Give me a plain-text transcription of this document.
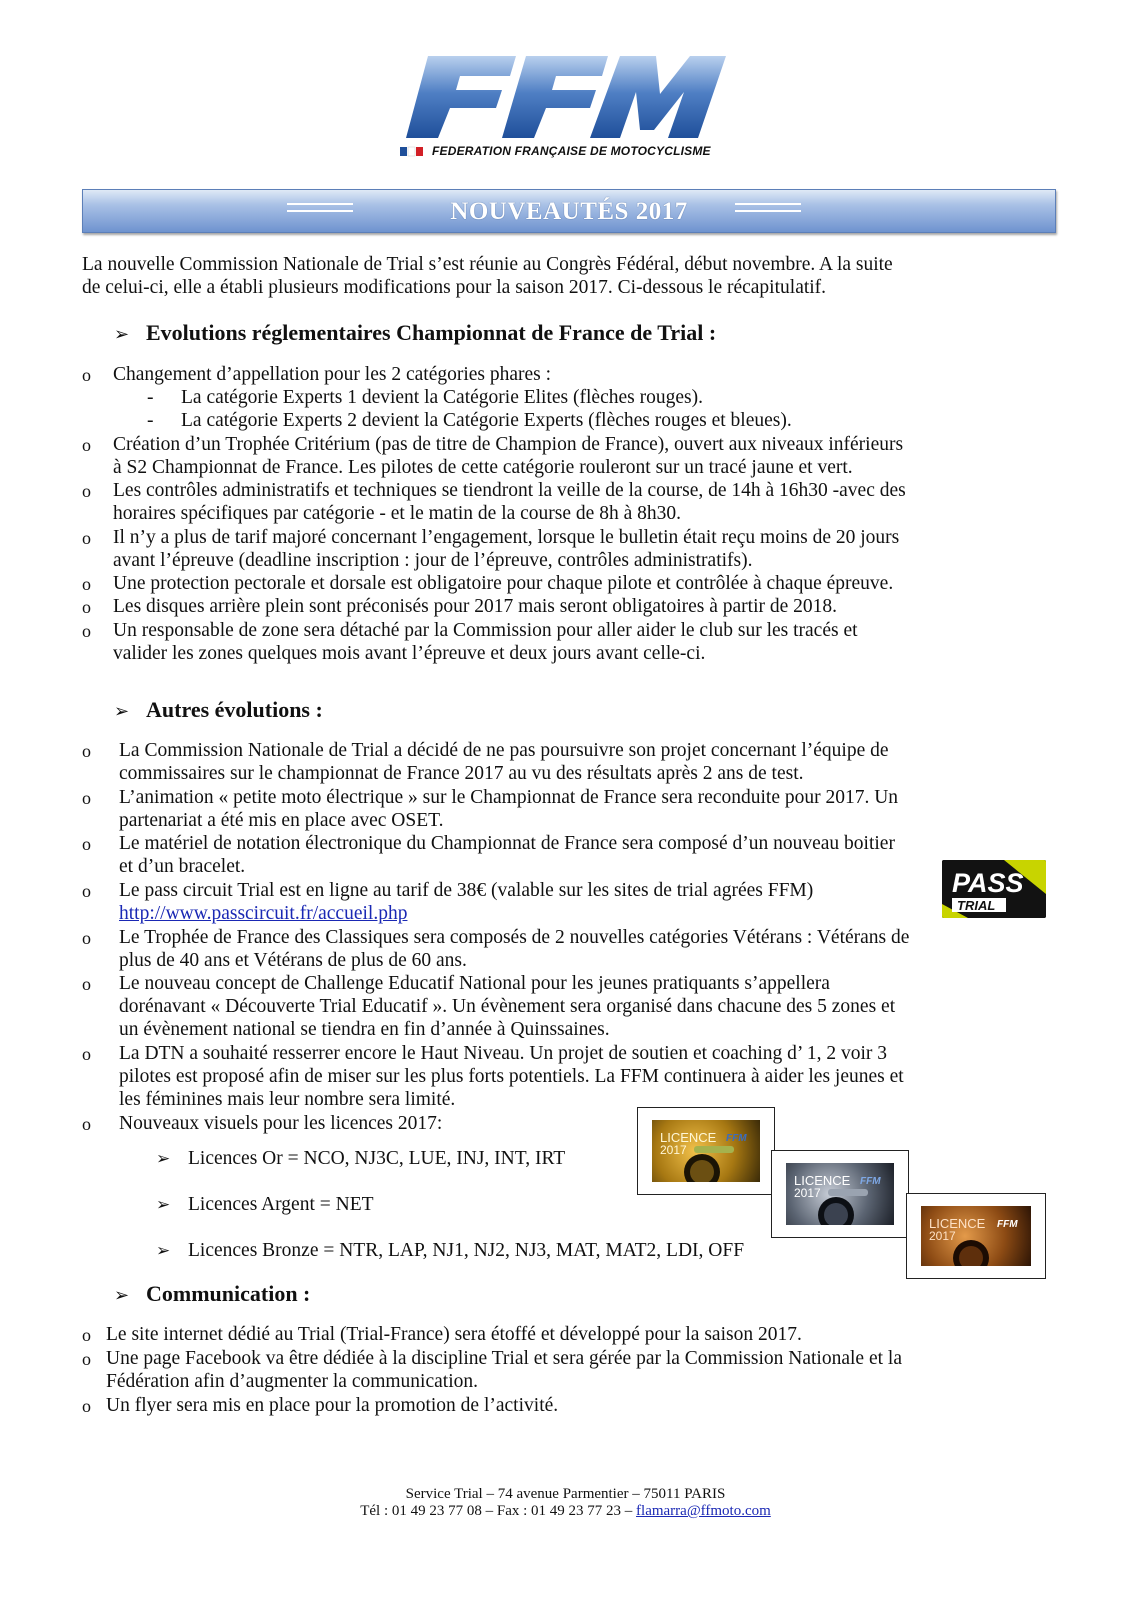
FEDERATION FRANÇAISE DE MOTOCYCLISME
NOUVEAUTÉS 2017
La nouvelle Commission Nationale de Trial s’est réunie au Congrès Fédéral, début novembre. A la suite
de celui-ci, elle a établi plusieurs modifications pour la saison 2017. Ci-dessous le récapitulatif.
➢ Evolutions réglementaires Championnat de France de Trial :
o Changement d’appellation pour les 2 catégories phares :
- La catégorie Experts 1 devient la Catégorie Elites (flèches rouges).
- La catégorie Experts 2 devient la Catégorie Experts (flèches rouges et bleues).
o Création d’un Trophée Critérium (pas de titre de Champion de France), ouvert aux niveaux inférieurs
à S2 Championnat de France. Les pilotes de cette catégorie rouleront sur un tracé jaune et vert.
o Les contrôles administratifs et techniques se tiendront la veille de la course, de 14h à 16h30 -avec des
horaires spécifiques par catégorie - et le matin de la course de 8h à 8h30.
o Il n’y a plus de tarif majoré concernant l’engagement, lorsque le bulletin était reçu moins de 20 jours
avant l’épreuve (deadline inscription : jour de l’épreuve, contrôles administratifs).
o Une protection pectorale et dorsale est obligatoire pour chaque pilote et contrôlée à chaque épreuve.
o Les disques arrière plein sont préconisés pour 2017 mais seront obligatoires à partir de 2018.
o Un responsable de zone sera détaché par la Commission pour aller aider le club sur les tracés et
valider les zones quelques mois avant l’épreuve et deux jours avant celle-ci.
➢ Autres évolutions :
o La Commission Nationale de Trial a décidé de ne pas poursuivre son projet concernant l’équipe de
commissaires sur le championnat de France 2017 au vu des résultats après 2 ans de test.
o L’animation « petite moto électrique » sur le Championnat de France sera reconduite pour 2017. Un
partenariat a été mis en place avec OSET.
o Le matériel de notation électronique du Championnat de France sera composé d’un nouveau boitier
et d’un bracelet.
o Le pass circuit Trial est en ligne au tarif de 38€ (valable sur les sites de trial agrées FFM)
http://www.passcircuit.fr/accueil.php
PASS
TRIAL
o Le Trophée de France des Classiques sera composés de 2 nouvelles catégories Vétérans : Vétérans de
plus de 40 ans et Vétérans de plus de 60 ans.
o Le nouveau concept de Challenge Educatif National pour les jeunes pratiquants s’appellera
dorénavant « Découverte Trial Educatif ». Un évènement sera organisé dans chacune des 5 zones et
un évènement national se tiendra en fin d’année à Quinssaines.
o La DTN a souhaité resserrer encore le Haut Niveau. Un projet de soutien et coaching d’ 1, 2 voir 3
pilotes est proposé afin de miser sur les plus forts potentiels. La FFM continuera à aider les jeunes et
les féminines mais leur nombre sera limité.
o Nouveaux visuels pour les licences 2017:
➢ Licences Or = NCO, NJ3C, LUE, INJ, INT, IRT
➢ Licences Argent = NET
➢ Licences Bronze = NTR, LAP, NJ1, NJ2, NJ3, MAT, MAT2, LDI, OFF
LICENCE
2017
FFM
LICENCE
2017
FFM
LICENCE
2017
FFM
➢ Communication :
o Le site internet dédié au Trial (Trial-France) sera étoffé et développé pour la saison 2017.
o Une page Facebook va être dédiée à la discipline Trial et sera gérée par la Commission Nationale et la
Fédération afin d’augmenter la communication.
o Un flyer sera mis en place pour la promotion de l’activité.
Service Trial – 74 avenue Parmentier – 75011 PARIS
Tél : 01 49 23 77 08 – Fax : 01 49 23 77 23 – flamarra@ffmoto.com
